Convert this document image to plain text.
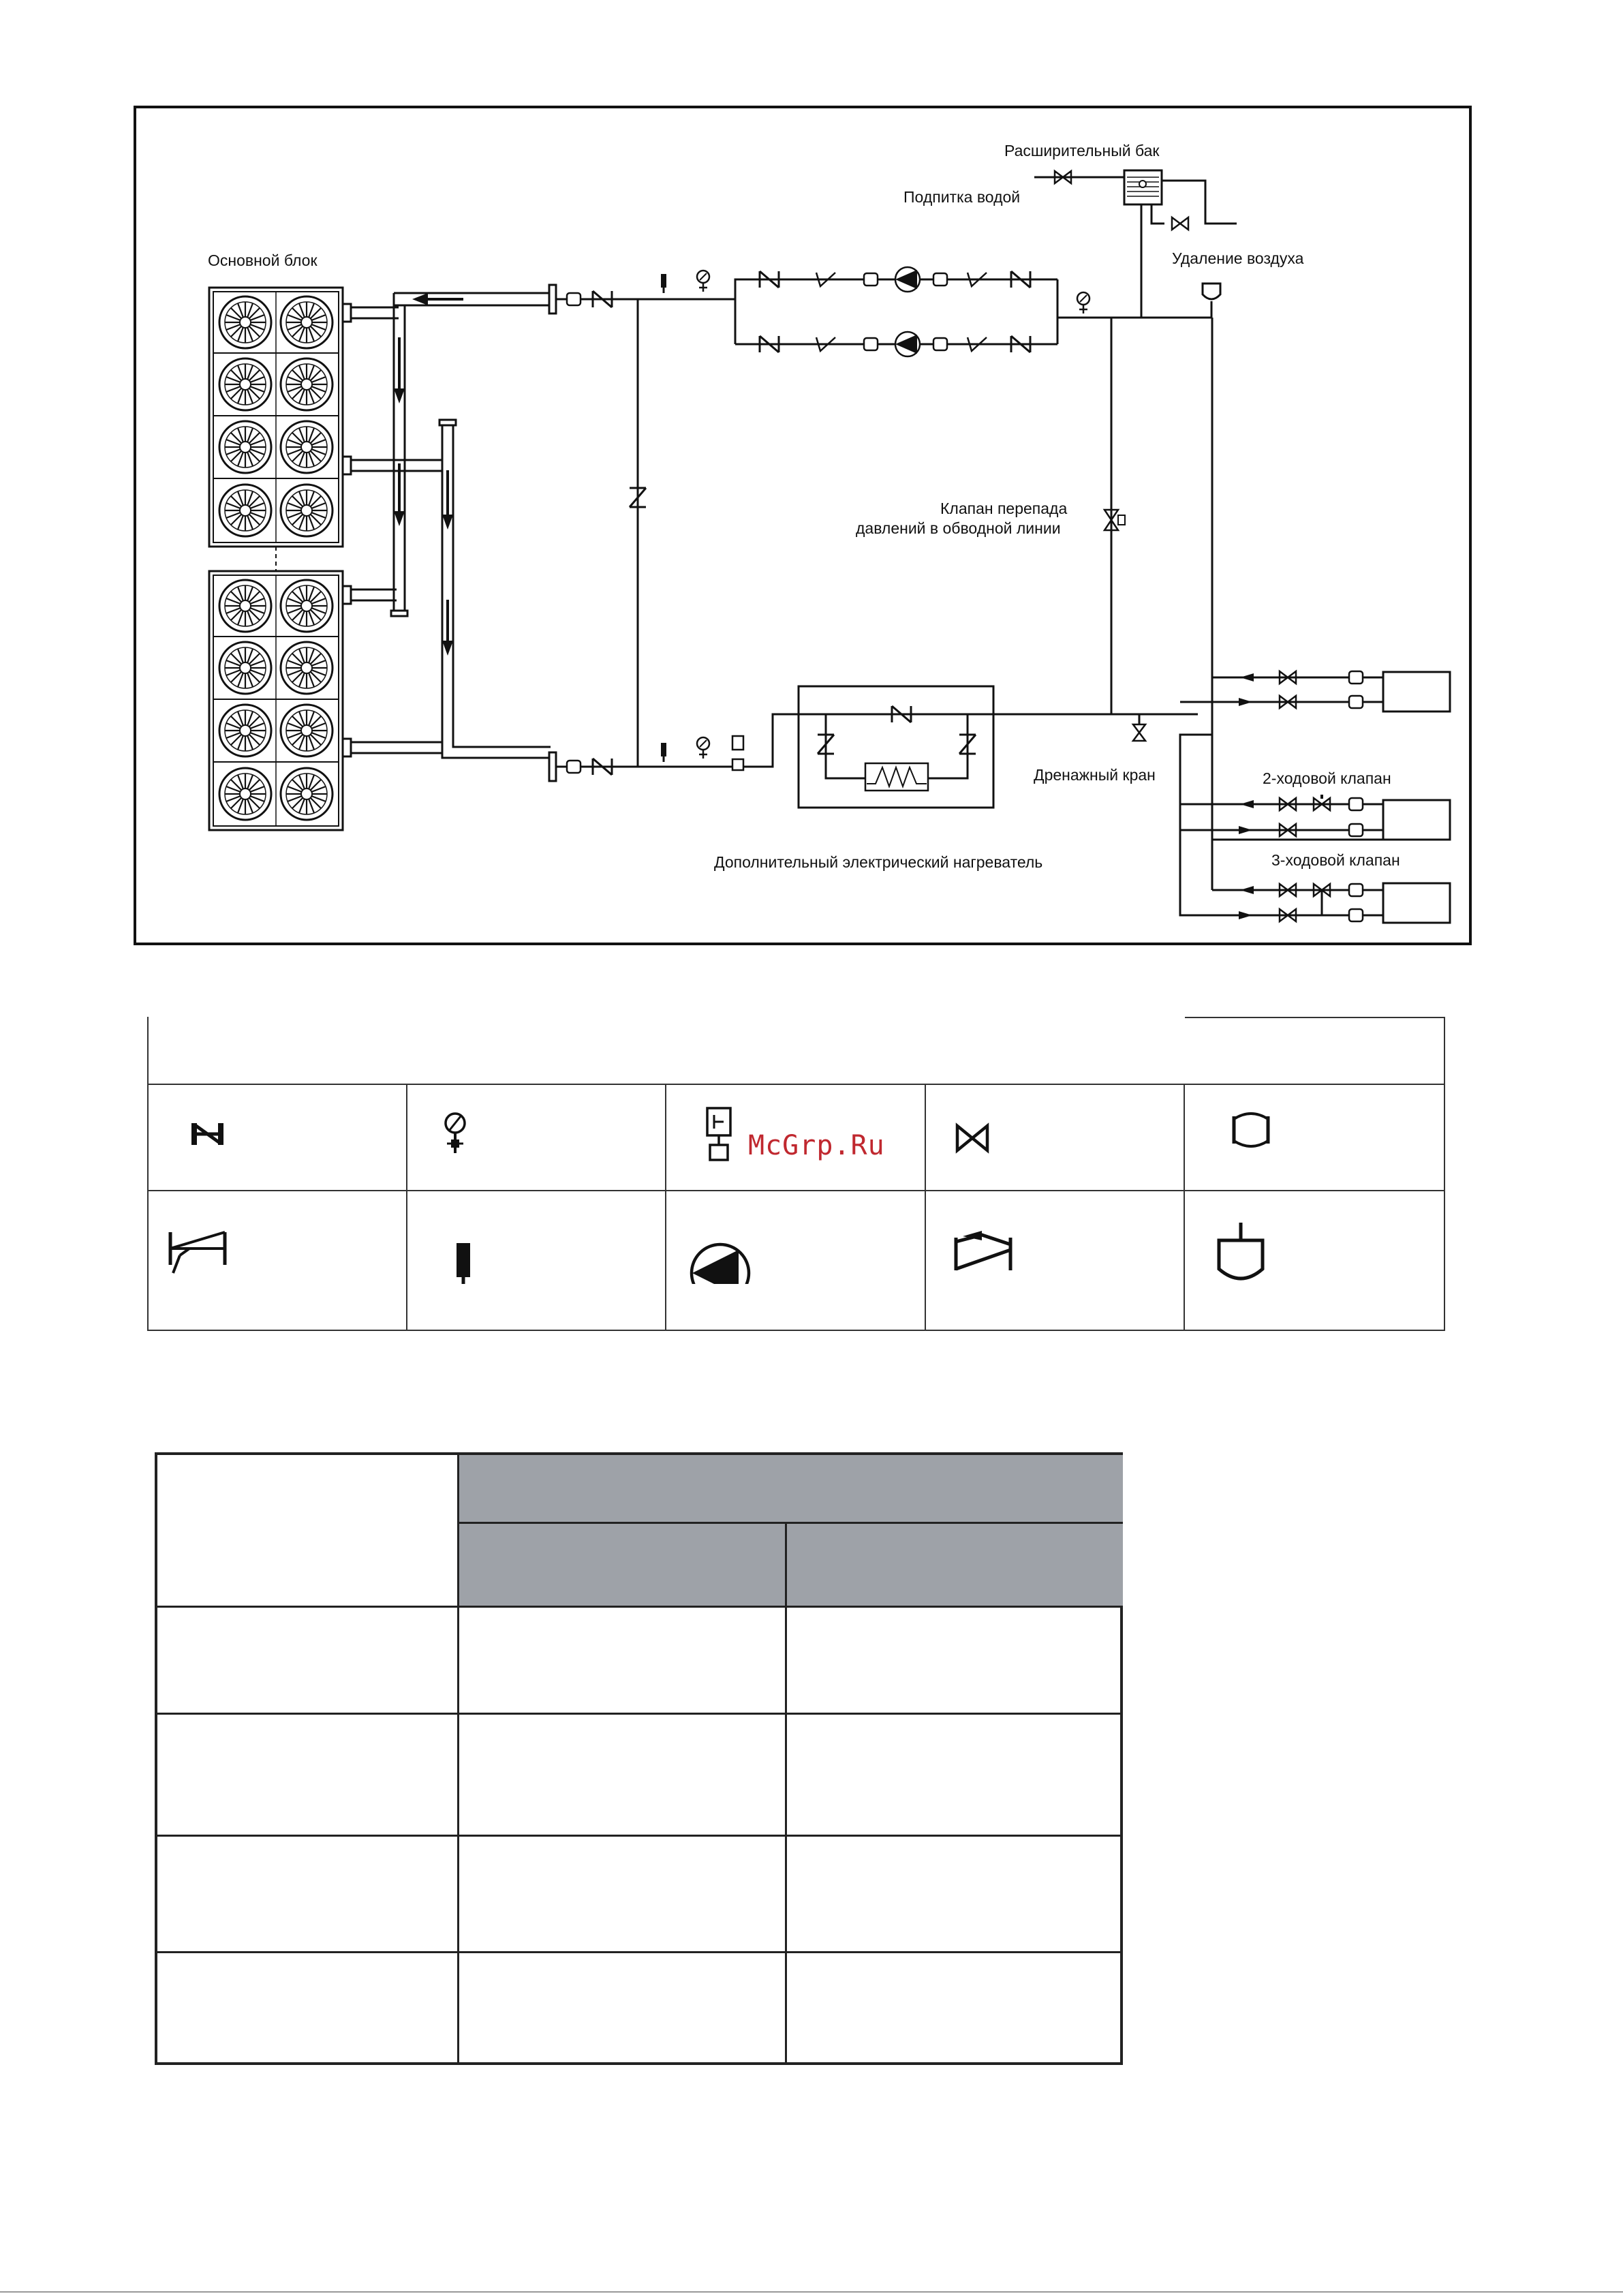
Расширительный бак
Подпитка водой
Основной блок	Удаление воздуха
Клапан перепада
давлений в обводной линии
Дренажный кран	2-ходовой клапан
3-ходовой клапан
Дополнительный электрический нагреватель
McGrp.Ru
